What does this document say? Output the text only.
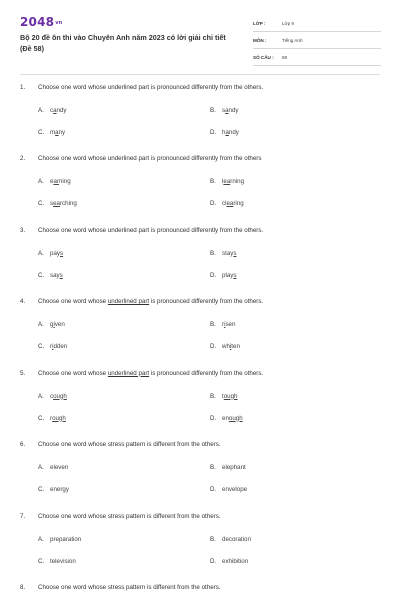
2048vn
Bộ 20 đề ôn thi vào Chuyên Anh năm 2023 có lời giải chi tiết (Đề 58)
LỚP :	Lớp 9
MÔN :	Tiếng Anh
SỐ CÂU :	89
1.	Choose one word whose underlined part is pronounced differently from the others.
A. candy	B. sandy
C. many	D. handy
2.	Choose one word whose underlined part is pronounced differently from the others
A. earning	B. learning
C. searching	D. clearing
3.	Choose one word whose underlined part is pronounced differently from the others.
A. pays	B. stays
C. says	D. plays
4.	Choose one word whose underlined part is pronounced differently from the others.
A. given	B. risen
C. ridden	D. whiten
5.	Choose one word whose underlined part is pronounced differently from the others.
A. cough	B. tough
C. rough	D. enough
6.	Choose one word whose stress pattern is different from the others.
A. eleven	B. elephant
C. energy	D. envelope
7.	Choose one word whose stress pattern is different from the others.
A. preparation	B. decoration
C. television	D. exhibition
8.	Choose one word whose stress pattern is different from the others.
